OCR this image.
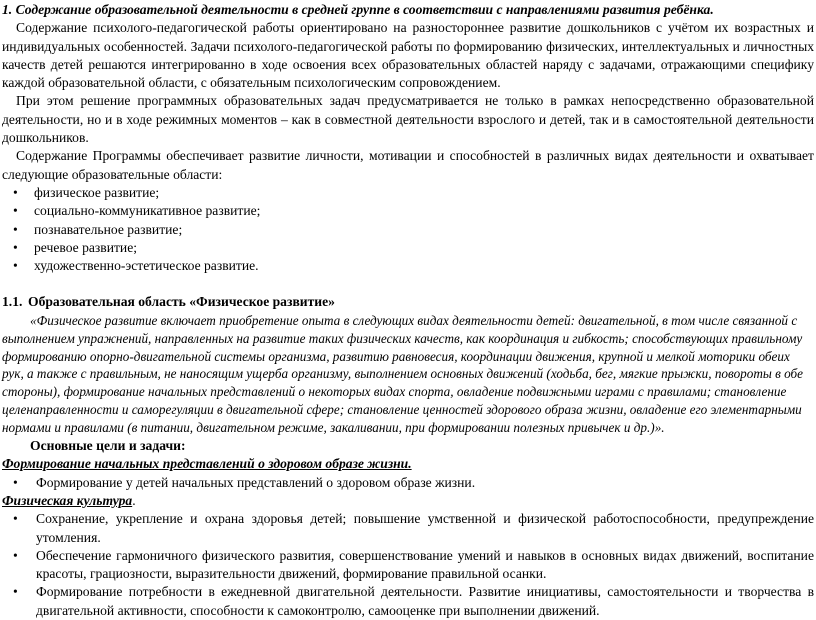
1. Содержание образовательной деятельности в средней группе в соответствии с направлениями развития ребёнка.

Содержание психолого-педагогической работы ориентировано на разностороннее развитие дошкольников с учётом их возрастных и индивидуальных особенностей. Задачи психолого-педагогической работы по формированию физических, интеллектуальных и личностных качеств детей решаются интегрированно в ходе освоения всех образовательных областей наряду с задачами, отражающими специфику каждой образовательной области, с обязательным психологическим сопровождением.

При этом решение программных образовательных задач предусматривается не только в рамках непосредственно образовательной деятельности, но и в ходе режимных моментов – как в совместной деятельности взрослого и детей, так и в самостоятельной деятельности дошкольников.

Содержание Программы обеспечивает развитие личности, мотивации и способностей в различных видах деятельности и охватывает следующие образовательные области:

• физическое развитие;
• социально-коммуникативное развитие;
• познавательное развитие;
• речевое развитие;
• художественно-эстетическое развитие.

1.1. Образовательная область «Физическое развитие»

«Физическое развитие включает приобретение опыта в следующих видах деятельности детей: двигательной, в том числе связанной с выполнением упражнений, направленных на развитие таких физических качеств, как координация и гибкость; способствующих правильному формированию опорно-двигательной системы организма, развитию равновесия, координации движения, крупной и мелкой моторики обеих рук, а также с правильным, не наносящим ущерба организму, выполнением основных движений (ходьба, бег, мягкие прыжки, повороты в обе стороны), формирование начальных представлений о некоторых видах спорта, овладение подвижными играми с правилами; становление целенаправленности и саморегуляции в двигательной сфере; становление ценностей здорового образа жизни, овладение его элементарными нормами и правилами (в питании, двигательном режиме, закаливании, при формировании полезных привычек и др.)».

Основные цели и задачи:

Формирование начальных представлений о здоровом образе жизни.

• Формирование у детей начальных представлений о здоровом образе жизни.

Физическая культура.

• Сохранение, укрепление и охрана здоровья детей; повышение умственной и физической работоспособности, предупреждение утомления.
• Обеспечение гармоничного физического развития, совершенствование умений и навыков в основных видах движений, воспитание красоты, грациозности, выразительности движений, формирование правильной осанки.
• Формирование потребности в ежедневной двигательной деятельности. Развитие инициативы, самостоятельности и творчества в двигательной активности, способности к самоконтролю, самооценке при выполнении движений.
